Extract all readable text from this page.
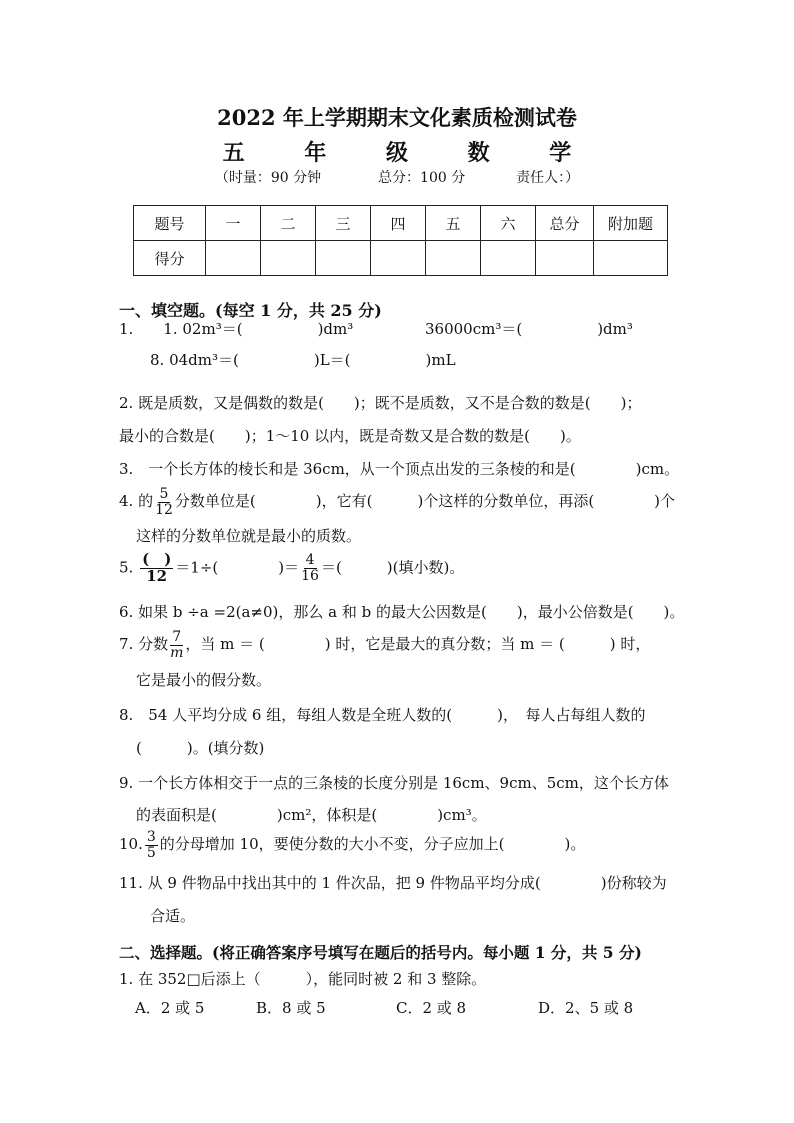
2022 年上学期期末文化素质检测试卷
五 年 级 数 学
（时量：90 分钟	总分：100 分	责任人：）
题号	一	二	三	四	五	六	总分	附加题
得分								
一、填空题。(每空 1 分，共 25 分)
1.　　1. 02m³＝(　　　　　)dm³	36000cm³＝(　　　　　)dm³
8. 04dm³＝(　　　　　)L＝(　　　　　)mL
2. 既是质数，又是偶数的数是(　　)；既不是质数，又不是合数的数是(　　)；
最小的合数是(　　)；1～10 以内，既是奇数又是合数的数是(　　)。
3.　一个长方体的棱长和是 36cm，从一个顶点出发的三条棱的和是(　　　　)cm。
4. 的 $\frac{5}{12}$ 分数单位是(　　　　)，它有(　　　)个这样的分数单位，再添(　　　　)个
这样的分数单位就是最小的质数。
5. $\frac{( )}{12} =1\div$(　　　　)＝ $\frac{4}{16}$ ＝(　　　)(填小数)。
6. 如果 b ÷a =2(a≠0)，那么 a 和 b 的最大公因数是(　　)，最小公倍数是(　　)。
7. 分数 $\frac{7}{m}$ ，当 m ＝ (　　　　) 时，它是最大的真分数；当 m ＝ (　　　) 时，
它是最小的假分数。
8.　54 人平均分成 6 组，每组人数是全班人数的(　　　)，　每人占每组人数的
(　　　)。(填分数)
9. 一个长方体相交于一点的三条棱的长度分别是 16cm、9cm、5cm，这个长方体
的表面积是(　　　　)cm²，体积是(　　　　)cm³。
10. $\frac{3}{5}$ 的分母增加 10，要使分数的大小不变，分子应加上(　　　　)。
11. 从 9 件物品中找出其中的 1 件次品，把 9 件物品平均分成(　　　　)份称较为
合适。
二、选择题。(将正确答案序号填写在题后的括号内。每小题 1 分，共 5 分)
1. 在 352□后添上（　　　），能同时被 2 和 3 整除。
A．2 或 5	B．8 或 5	C．2 或 8	D．2、5 或 8
